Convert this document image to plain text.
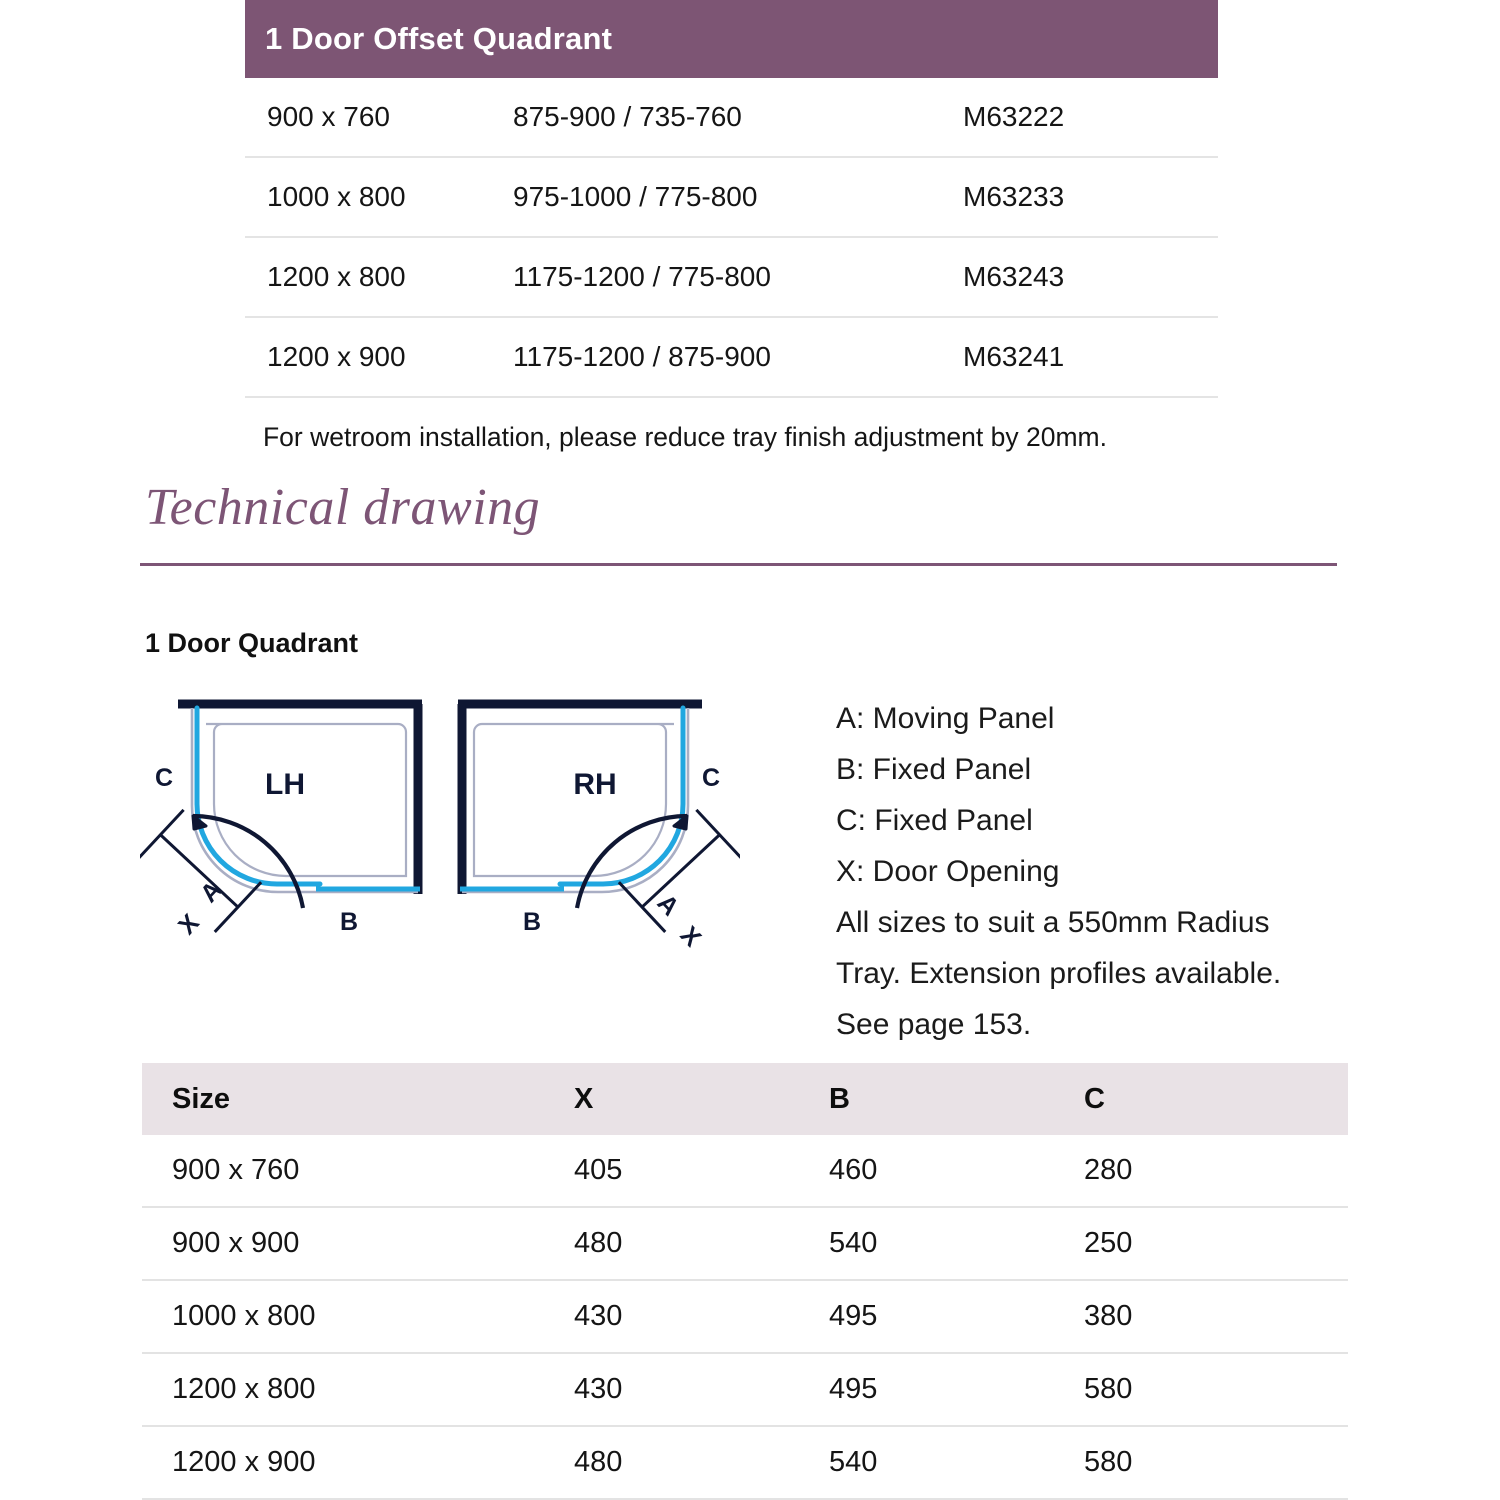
1 Door Offset Quadrant
900 x 760	875-900 / 735-760	M63222
1000 x 800	975-1000 / 775-800	M63233
1200 x 800	1175-1200 / 775-800	M63243
1200 x 900	1175-1200 / 875-900	M63241
For wetroom installation, please reduce tray finish adjustment by 20mm.
Technical drawing
1 Door Quadrant
C
B
A
X
LH	C
B
A
X
RH
A: Moving Panel
B: Fixed Panel
C: Fixed Panel
X: Door Opening
All sizes to suit a 550mm Radius
Tray. Extension profiles available.
See page 153.
Size	X	B	C
900 x 760	405	460	280
900 x 900	480	540	250
1000 x 800	430	495	380
1200 x 800	430	495	580
1200 x 900	480	540	580
